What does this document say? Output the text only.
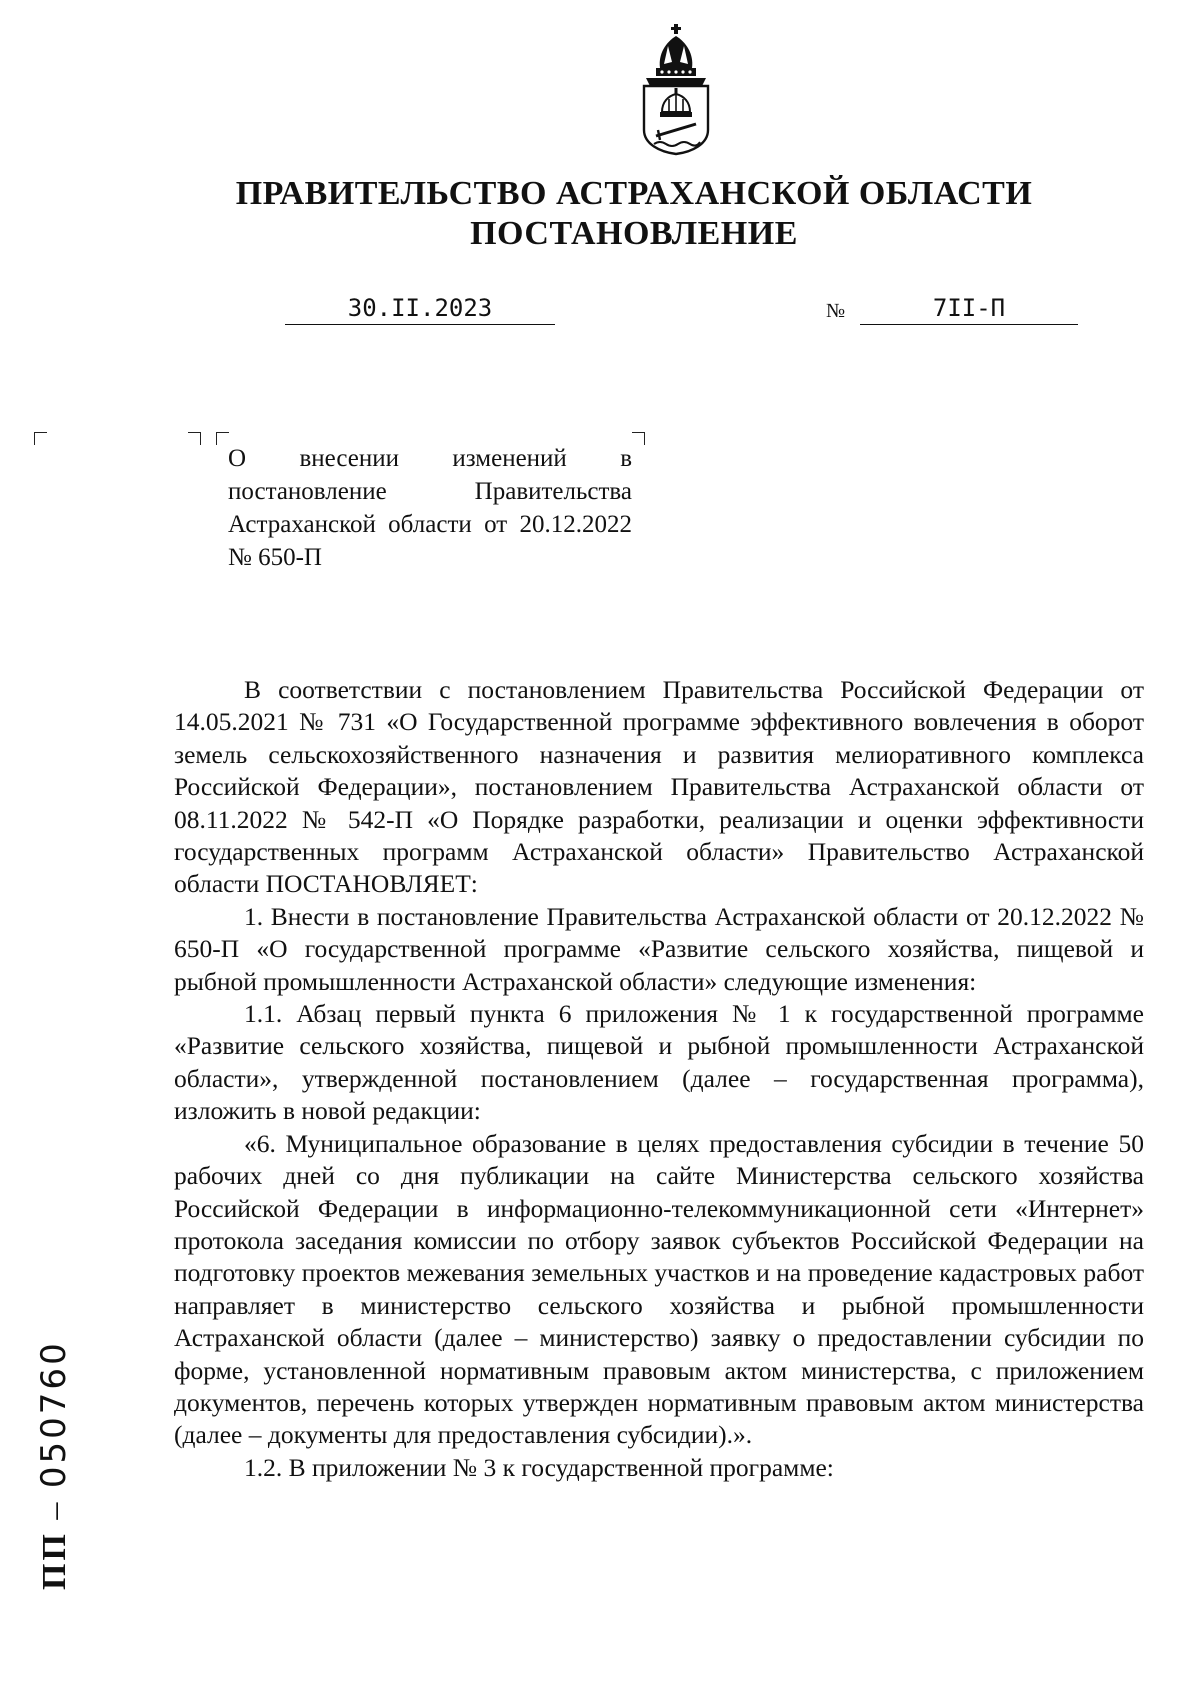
ПРАВИТЕЛЬСТВО АСТРАХАНСКОЙ ОБЛАСТИ
ПОСТАНОВЛЕНИЕ
30.II.2023	№	7II-П
О внесении изменений в постановление Правительства Астраханской области от 20.12.2022 № 650-П

В соответствии с постановлением Правительства Российской Федерации от 14.05.2021 № 731 «О Государственной программе эффективного вовлечения в оборот земель сельскохозяйственного назначения и развития мелиоративного комплекса Российской Федерации», постановлением Правительства Астраханской области от 08.11.2022 № 542-П «О Порядке разработки, реализации и оценки эффективности государственных программ Астраханской области» Правительство Астраханской области ПОСТАНОВЛЯЕТ:

1. Внести в постановление Правительства Астраханской области от 20.12.2022 № 650-П «О государственной программе «Развитие сельского хозяйства, пищевой и рыбной промышленности Астраханской области» следующие изменения:

1.1. Абзац первый пункта 6 приложения № 1 к государственной программе «Развитие сельского хозяйства, пищевой и рыбной промышленности Астраханской области», утвержденной постановлением (далее – государственная программа), изложить в новой редакции:

«6. Муниципальное образование в целях предоставления субсидии в течение 50 рабочих дней со дня публикации на сайте Министерства сельского хозяйства Российской Федерации в информационно-телекоммуникационной сети «Интернет» протокола заседания комиссии по отбору заявок субъектов Российской Федерации на подготовку проектов межевания земельных участков и на проведение кадастровых работ направляет в министерство сельского хозяйства и рыбной промышленности Астраханской области (далее – министерство) заявку о предоставлении субсидии по форме, установленной нормативным правовым актом министерства, с приложением документов, перечень которых утвержден нормативным правовым актом министерства (далее – документы для предоставления субсидии).».

1.2. В приложении № 3 к государственной программе:

ПП – 050760
